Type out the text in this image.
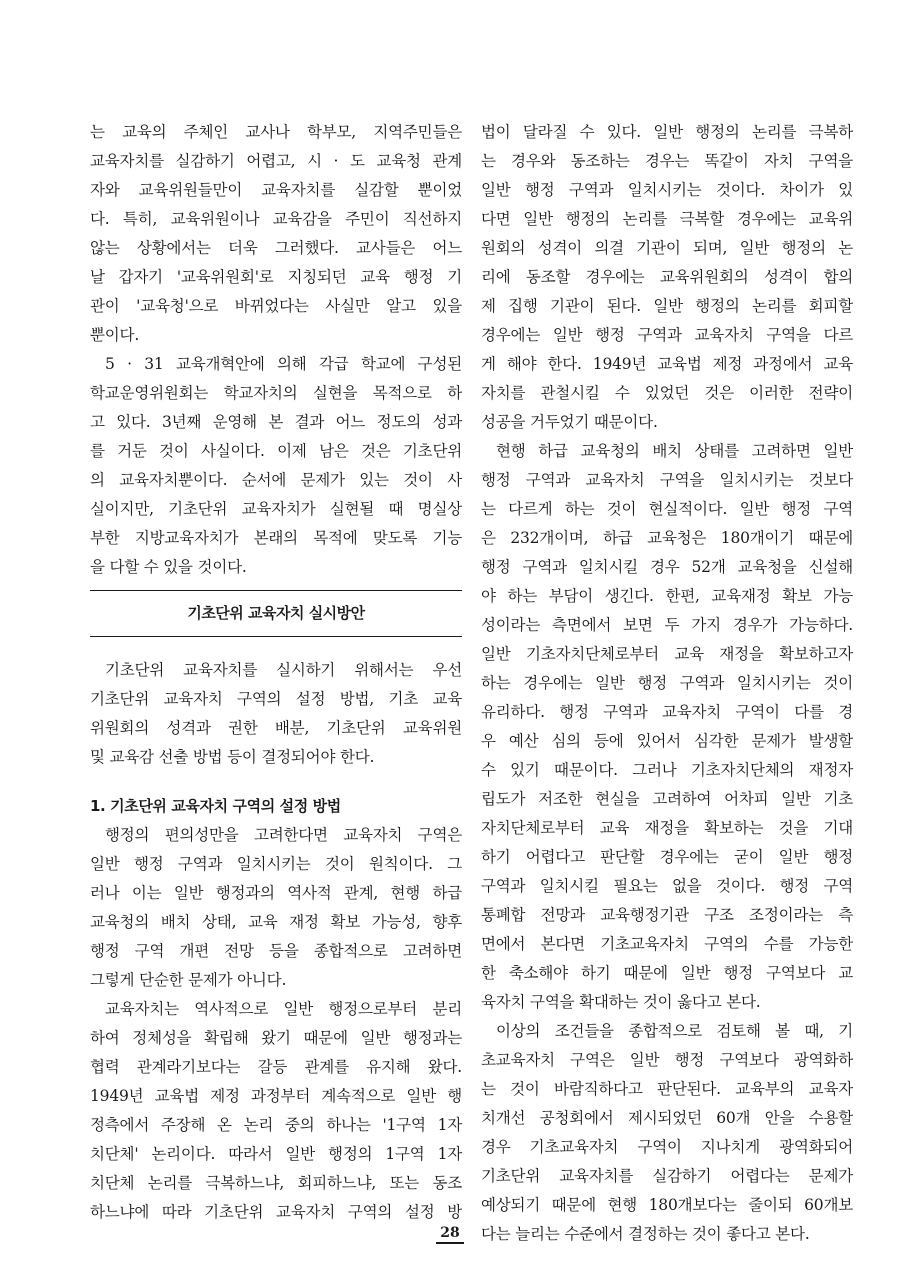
는 교육의 주체인 교사나 학부모, 지역주민들은
교육자치를 실감하기 어렵고, 시 · 도 교육청 관계
자와 교육위원들만이 교육자치를 실감할 뿐이었
다. 특히, 교육위원이나 교육감을 주민이 직선하지
않는 상황에서는 더욱 그러했다. 교사들은 어느
날 갑자기 '교육위원회'로 지칭되던 교육 행정 기
관이 '교육청'으로 바뀌었다는 사실만 알고 있을
뿐이다.
5 · 31 교육개혁안에 의해 각급 학교에 구성된
학교운영위원회는 학교자치의 실현을 목적으로 하
고 있다. 3년째 운영해 본 결과 어느 정도의 성과
를 거둔 것이 사실이다. 이제 남은 것은 기초단위
의 교육자치뿐이다. 순서에 문제가 있는 것이 사
실이지만, 기초단위 교육자치가 실현될 때 명실상
부한 지방교육자치가 본래의 목적에 맞도록 기능
을 다할 수 있을 것이다.
기초단위 교육자치 실시방안
기초단위 교육자치를 실시하기 위해서는 우선
기초단위 교육자치 구역의 설정 방법, 기초 교육
위원회의 성격과 권한 배분, 기초단위 교육위원
및 교육감 선출 방법 등이 결정되어야 한다.
1. 기초단위 교육자치 구역의 설정 방법
행정의 편의성만을 고려한다면 교육자치 구역은
일반 행정 구역과 일치시키는 것이 원칙이다. 그
러나 이는 일반 행정과의 역사적 관계, 현행 하급
교육청의 배치 상태, 교육 재정 확보 가능성, 향후
행정 구역 개편 전망 등을 종합적으로 고려하면
그렇게 단순한 문제가 아니다.
교육자치는 역사적으로 일반 행정으로부터 분리
하여 정체성을 확립해 왔기 때문에 일반 행정과는
협력 관계라기보다는 갈등 관계를 유지해 왔다.
1949년 교육법 제정 과정부터 계속적으로 일반 행
정측에서 주장해 온 논리 중의 하나는 '1구역 1자
치단체' 논리이다. 따라서 일반 행정의 1구역 1자
치단체 논리를 극복하느냐, 회피하느냐, 또는 동조
하느냐에 따라 기초단위 교육자치 구역의 설정 방
법이 달라질 수 있다. 일반 행정의 논리를 극복하
는 경우와 동조하는 경우는 똑같이 자치 구역을
일반 행정 구역과 일치시키는 것이다. 차이가 있
다면 일반 행정의 논리를 극복할 경우에는 교육위
원회의 성격이 의결 기관이 되며, 일반 행정의 논
리에 동조할 경우에는 교육위원회의 성격이 합의
제 집행 기관이 된다. 일반 행정의 논리를 회피할
경우에는 일반 행정 구역과 교육자치 구역을 다르
게 해야 한다. 1949년 교육법 제정 과정에서 교육
자치를 관철시킬 수 있었던 것은 이러한 전략이
성공을 거두었기 때문이다.
현행 하급 교육청의 배치 상태를 고려하면 일반
행정 구역과 교육자치 구역을 일치시키는 것보다
는 다르게 하는 것이 현실적이다. 일반 행정 구역
은 232개이며, 하급 교육청은 180개이기 때문에
행정 구역과 일치시킬 경우 52개 교육청을 신설해
야 하는 부담이 생긴다. 한편, 교육재정 확보 가능
성이라는 측면에서 보면 두 가지 경우가 가능하다.
일반 기초자치단체로부터 교육 재정을 확보하고자
하는 경우에는 일반 행정 구역과 일치시키는 것이
유리하다. 행정 구역과 교육자치 구역이 다를 경
우 예산 심의 등에 있어서 심각한 문제가 발생할
수 있기 때문이다. 그러나 기초자치단체의 재정자
립도가 저조한 현실을 고려하여 어차피 일반 기초
자치단체로부터 교육 재정을 확보하는 것을 기대
하기 어렵다고 판단할 경우에는 굳이 일반 행정
구역과 일치시킬 필요는 없을 것이다. 행정 구역
통폐합 전망과 교육행정기관 구조 조정이라는 측
면에서 본다면 기초교육자치 구역의 수를 가능한
한 축소해야 하기 때문에 일반 행정 구역보다 교
육자치 구역을 확대하는 것이 옳다고 본다.
이상의 조건들을 종합적으로 검토해 볼 때, 기
초교육자치 구역은 일반 행정 구역보다 광역화하
는 것이 바람직하다고 판단된다. 교육부의 교육자
치개선 공청회에서 제시되었던 60개 안을 수용할
경우 기초교육자치 구역이 지나치게 광역화되어
기초단위 교육자치를 실감하기 어렵다는 문제가
예상되기 때문에 현행 180개보다는 줄이되 60개보
다는 늘리는 수준에서 결정하는 것이 좋다고 본다.
28
